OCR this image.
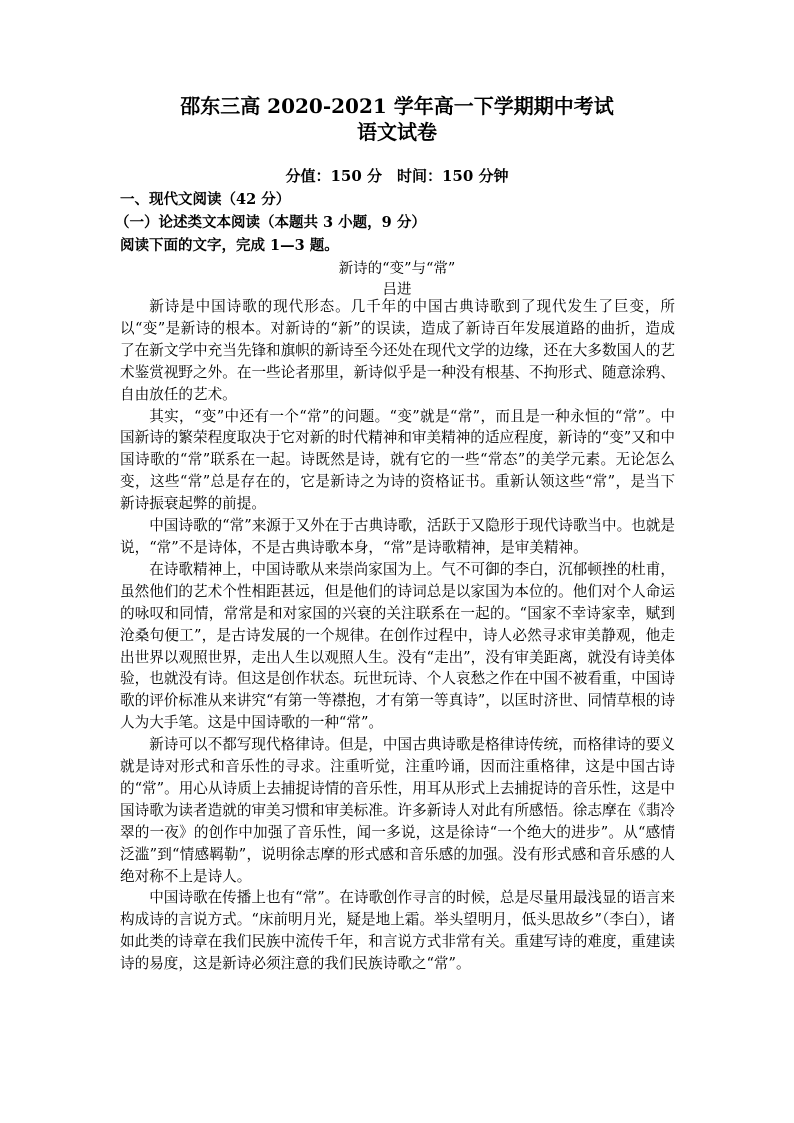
邵东三高 2020-2021 学年高一下学期期中考试
语文试卷
分值：150 分　时间：150 分钟
一、现代文阅读（42 分）
（一）论述类文本阅读（本题共 3 小题，9 分）
阅读下面的文字，完成 1—3 题。
新诗的“变”与“常”
吕进

新诗是中国诗歌的现代形态。几千年的中国古典诗歌到了现代发生了巨变，所以“变”是新诗的根本。对新诗的“新”的误读，造成了新诗百年发展道路的曲折，造成了在新文学中充当先锋和旗帜的新诗至今还处在现代文学的边缘，还在大多数国人的艺术鉴赏视野之外。在一些论者那里，新诗似乎是一种没有根基、不拘形式、随意涂鸦、自由放任的艺术。

其实，“变”中还有一个“常”的问题。“变”就是“常”，而且是一种永恒的“常”。中国新诗的繁荣程度取决于它对新的时代精神和审美精神的适应程度，新诗的“变”又和中国诗歌的“常”联系在一起。诗既然是诗，就有它的一些“常态”的美学元素。无论怎么变，这些“常”总是存在的，它是新诗之为诗的资格证书。重新认领这些“常”，是当下新诗振衰起弊的前提。

中国诗歌的“常”来源于又外在于古典诗歌，活跃于又隐形于现代诗歌当中。也就是说，“常”不是诗体，不是古典诗歌本身，“常”是诗歌精神，是审美精神。

在诗歌精神上，中国诗歌从来崇尚家国为上。气不可御的李白，沉郁顿挫的杜甫，虽然他们的艺术个性相距甚远，但是他们的诗词总是以家国为本位的。他们对个人命运的咏叹和同情，常常是和对家国的兴衰的关注联系在一起的。“国家不幸诗家幸，赋到沧桑句便工”，是古诗发展的一个规律。在创作过程中，诗人必然寻求审美静观，他走出世界以观照世界，走出人生以观照人生。没有“走出”，没有审美距离，就没有诗美体验，也就没有诗。但这是创作状态。玩世玩诗、个人哀愁之作在中国不被看重，中国诗歌的评价标准从来讲究“有第一等襟抱，才有第一等真诗”，以匡时济世、同情草根的诗人为大手笔。这是中国诗歌的一种“常”。

新诗可以不都写现代格律诗。但是，中国古典诗歌是格律诗传统，而格律诗的要义就是诗对形式和音乐性的寻求。注重听觉，注重吟诵，因而注重格律，这是中国古诗的“常”。用心从诗质上去捕捉诗情的音乐性，用耳从形式上去捕捉诗的音乐性，这是中国诗歌为读者造就的审美习惯和审美标准。许多新诗人对此有所感悟。徐志摩在《翡冷翠的一夜》的创作中加强了音乐性，闻一多说，这是徐诗“一个绝大的进步”。从“感情泛滥”到“情感羁勒”，说明徐志摩的形式感和音乐感的加强。没有形式感和音乐感的人绝对称不上是诗人。

中国诗歌在传播上也有“常”。在诗歌创作寻言的时候，总是尽量用最浅显的语言来构成诗的言说方式。“床前明月光，疑是地上霜。举头望明月，低头思故乡”（李白），诸如此类的诗章在我们民族中流传千年，和言说方式非常有关。重建写诗的难度，重建读诗的易度，这是新诗必须注意的我们民族诗歌之“常”。
